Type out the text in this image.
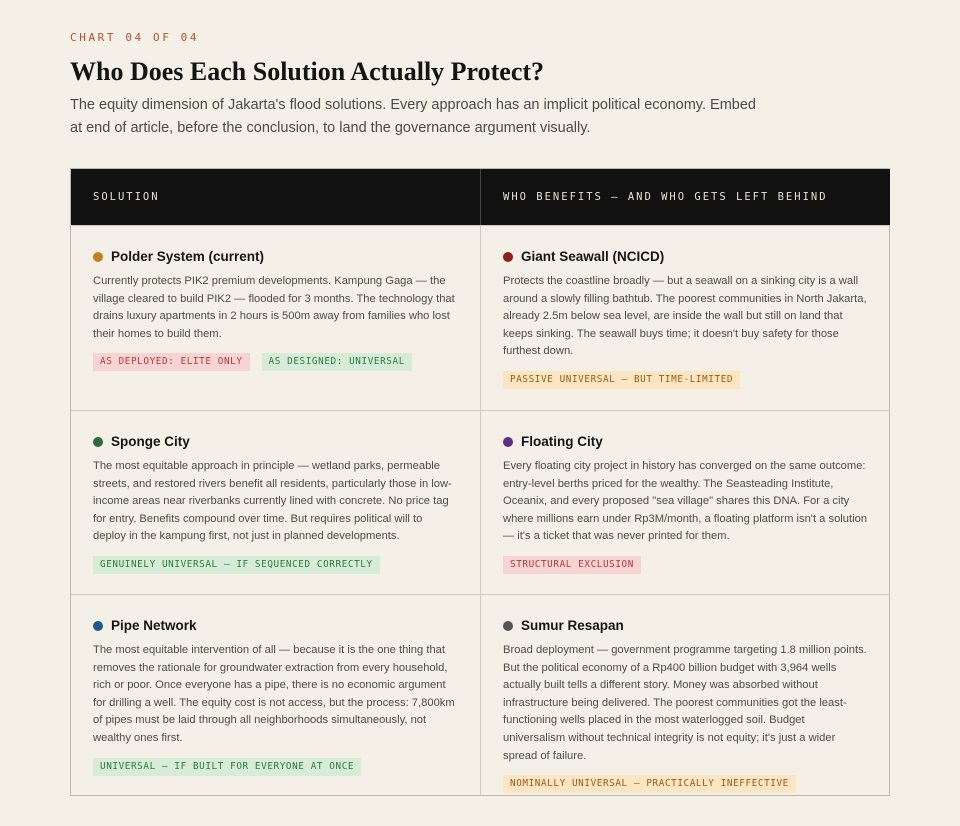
CHART 04 OF 04

Who Does Each Solution Actually Protect?

The equity dimension of Jakarta's flood solutions. Every approach has an implicit political economy. Embed at end of article, before the conclusion, to land the governance argument visually.

SOLUTION	WHO BENEFITS — AND WHO GETS LEFT BEHIND
Polder System (current)

Currently protects PIK2 premium developments. Kampung Gaga — the village cleared to build PIK2 — flooded for 3 months. The technology that drains luxury apartments in 2 hours is 500m away from families who lost their homes to build them.

AS DEPLOYED: ELITE ONLY	AS DESIGNED: UNIVERSAL
Giant Seawall (NCICD)

Protects the coastline broadly — but a seawall on a sinking city is a wall around a slowly filling bathtub. The poorest communities in North Jakarta, already 2.5m below sea level, are inside the wall but still on land that keeps sinking. The seawall buys time; it doesn't buy safety for those furthest down.

PASSIVE UNIVERSAL — BUT TIME-LIMITED
Sponge City

The most equitable approach in principle — wetland parks, permeable streets, and restored rivers benefit all residents, particularly those in low-income areas near riverbanks currently lined with concrete. No price tag for entry. Benefits compound over time. But requires political will to deploy in the kampung first, not just in planned developments.

GENUINELY UNIVERSAL — IF SEQUENCED CORRECTLY
Floating City

Every floating city project in history has converged on the same outcome: entry-level berths priced for the wealthy. The Seasteading Institute, Oceanix, and every proposed "sea village" shares this DNA. For a city where millions earn under Rp3M/month, a floating platform isn't a solution — it's a ticket that was never printed for them.

STRUCTURAL EXCLUSION
Pipe Network

The most equitable intervention of all — because it is the one thing that removes the rationale for groundwater extraction from every household, rich or poor. Once everyone has a pipe, there is no economic argument for drilling a well. The equity cost is not access, but the process: 7,800km of pipes must be laid through all neighborhoods simultaneously, not wealthy ones first.

UNIVERSAL — IF BUILT FOR EVERYONE AT ONCE
Sumur Resapan

Broad deployment — government programme targeting 1.8 million points. But the political economy of a Rp400 billion budget with 3,964 wells actually built tells a different story. Money was absorbed without infrastructure being delivered. The poorest communities got the least-functioning wells placed in the most waterlogged soil. Budget universalism without technical integrity is not equity; it's just a wider spread of failure.

NOMINALLY UNIVERSAL — PRACTICALLY INEFFECTIVE
